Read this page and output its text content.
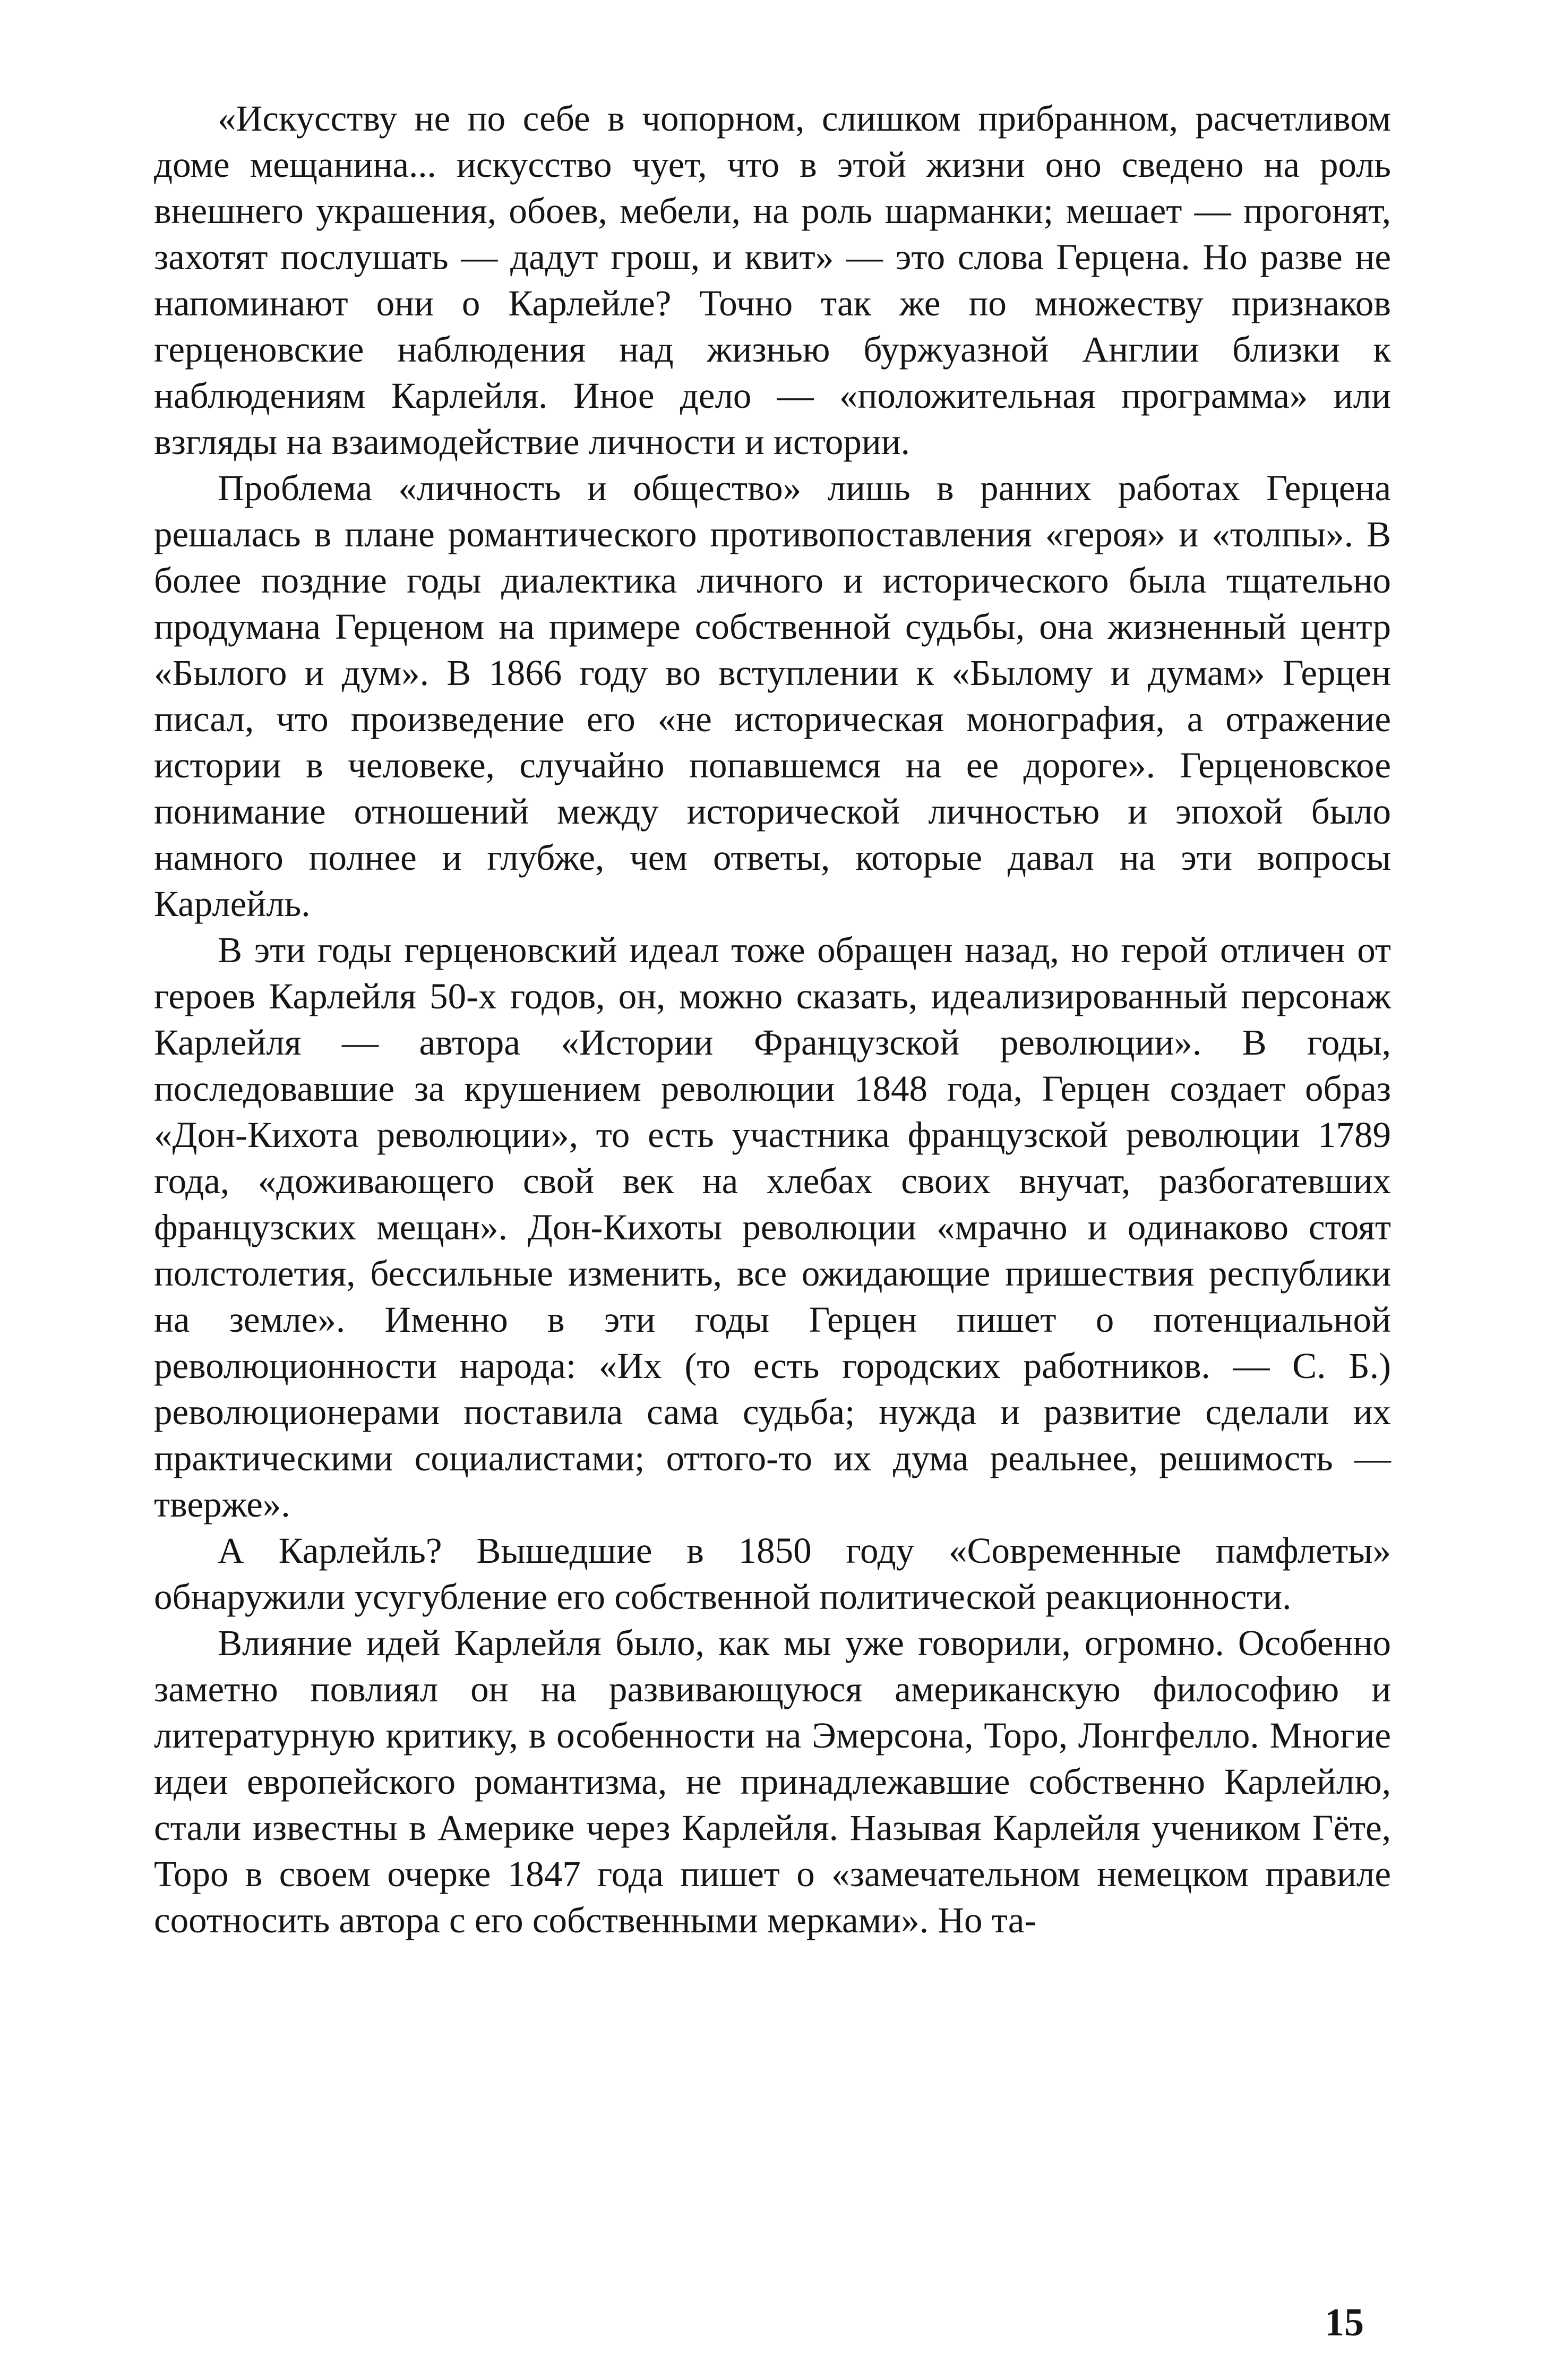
«Искусству не по себе в чопорном, слишком прибранном, расчетливом доме мещанина... искусство чует, что в этой жизни оно сведено на роль внешнего украшения, обоев, мебели, на роль шарманки; мешает — прогонят, захотят послушать — дадут грош, и квит» — это слова Герцена. Но разве не напоминают они о Карлейле? Точно так же по множеству признаков герценовские наблюдения над жизнью буржуазной Англии близки к наблюдениям Карлейля. Иное дело — «положительная программа» или взгляды на взаимодействие личности и истории.

Проблема «личность и общество» лишь в ранних работах Герцена решалась в плане романтического противопоставления «героя» и «толпы». В более поздние годы диалектика личного и исторического была тщательно продумана Герценом на примере собственной судьбы, она жизненный центр «Былого и дум». В 1866 году во вступлении к «Былому и думам» Герцен писал, что произведение его «не историческая монография, а отражение истории в человеке, случайно попавшемся на ее дороге». Герценовское понимание отношений между исторической личностью и эпохой было намного полнее и глубже, чем ответы, которые давал на эти вопросы Карлейль.

В эти годы герценовский идеал тоже обращен назад, но герой отличен от героев Карлейля 50-х годов, он, можно сказать, идеализированный персонаж Карлейля — автора «Истории Французской революции». В годы, последовавшие за крушением революции 1848 года, Герцен создает образ «Дон-Кихота революции», то есть участника французской революции 1789 года, «доживающего свой век на хлебах своих внучат, разбогатевших французских мещан». Дон-Кихоты революции «мрачно и одинаково стоят полстолетия, бессильные изменить, все ожидающие пришествия республики на земле». Именно в эти годы Герцен пишет о потенциальной революционности народа: «Их (то есть городских работников. — С. Б.) революционерами поставила сама судьба; нужда и развитие сделали их практическими социалистами; оттого-то их дума реальнее, решимость — тверже».

А Карлейль? Вышедшие в 1850 году «Современные памфлеты» обнаружили усугубление его собственной политической реакционности.

Влияние идей Карлейля было, как мы уже говорили, огромно. Особенно заметно повлиял он на развивающуюся американскую философию и литературную критику, в особенности на Эмерсона, Торо, Лонгфелло. Многие идеи европейского романтизма, не принадлежавшие собственно Карлейлю, стали известны в Америке через Карлейля. Называя Карлейля учеником Гёте, Торо в своем очерке 1847 года пишет о «замечательном немецком правиле соотносить автора с его собственными мерками». Но та-

15
